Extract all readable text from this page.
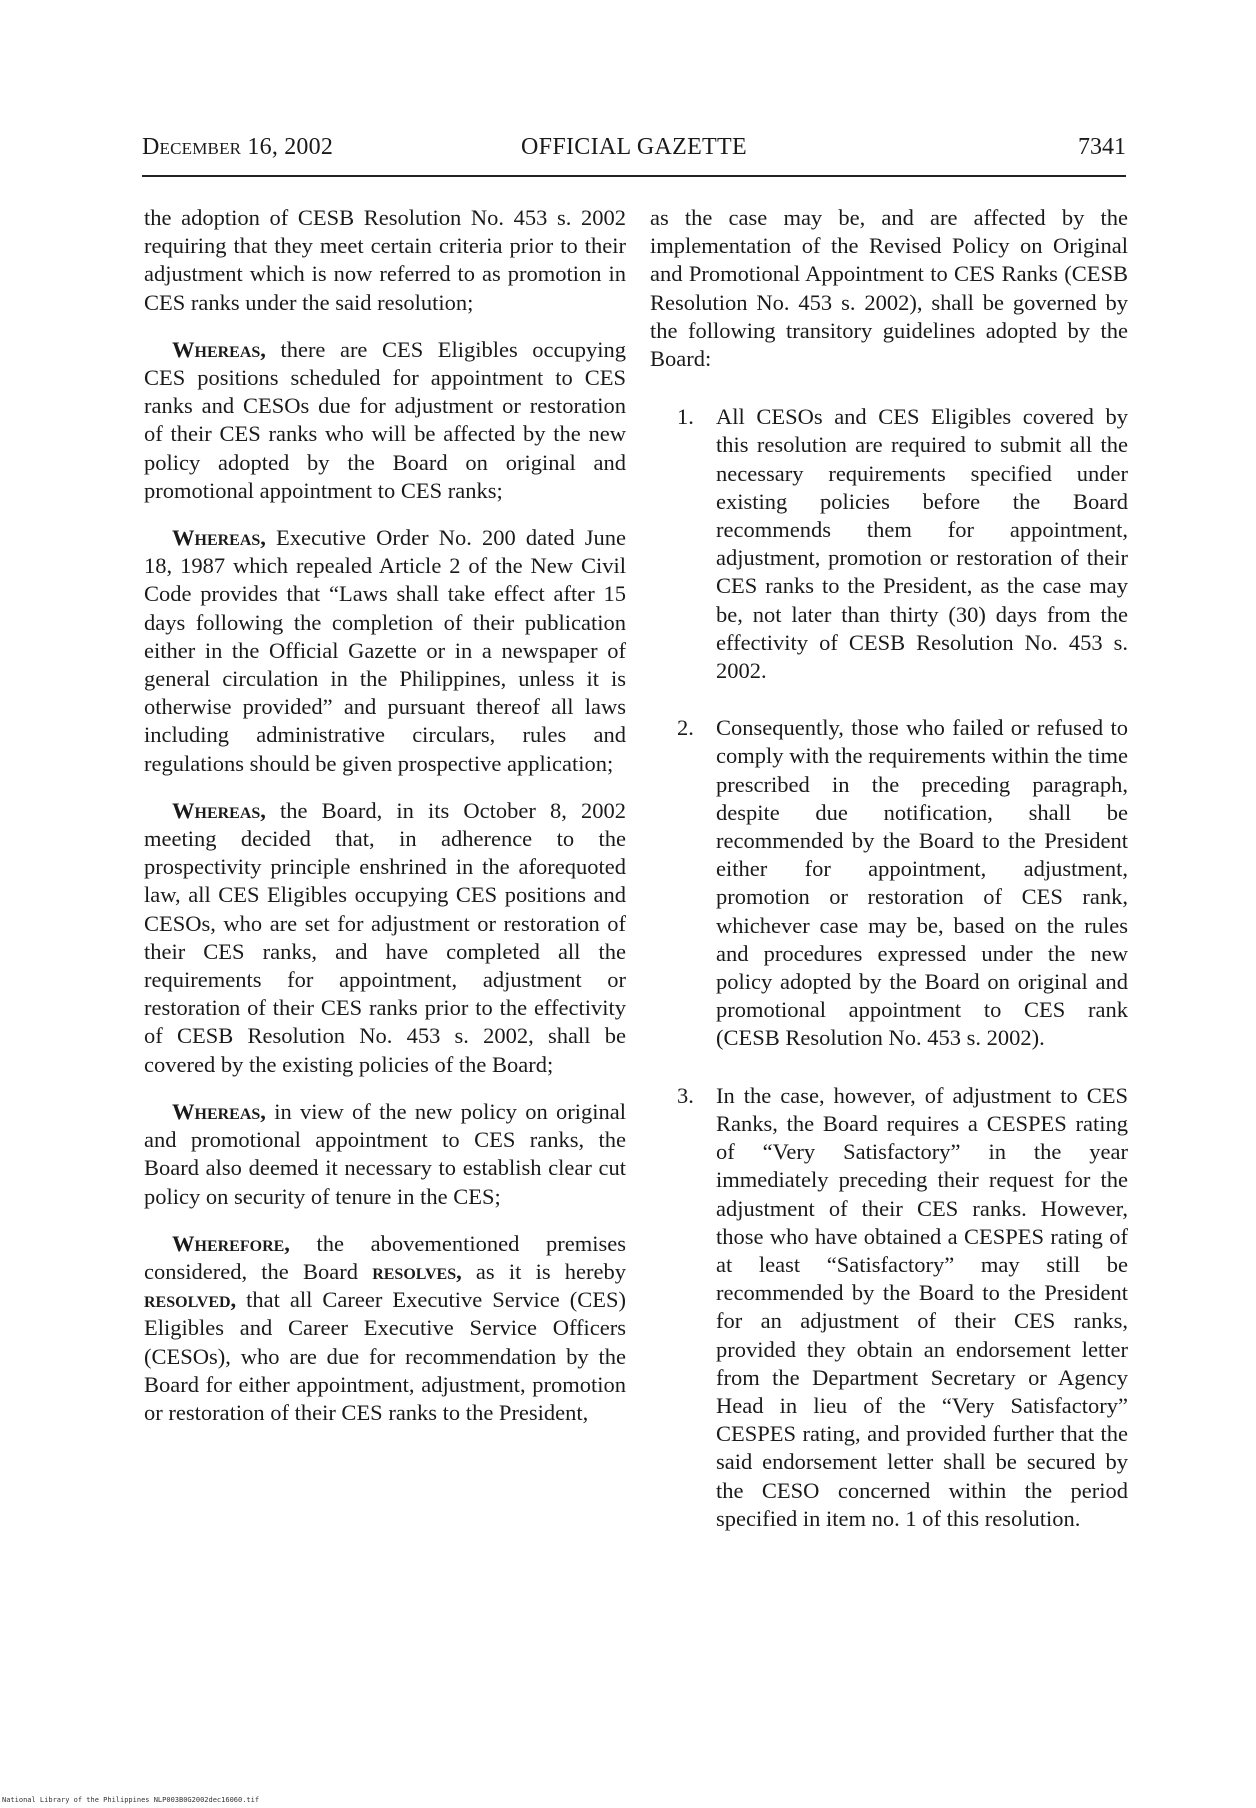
December 16, 2002	OFFICIAL GAZETTE	7341

the adoption of CESB Resolution No. 453 s. 2002 requiring that they meet certain criteria prior to their adjustment which is now referred to as promotion in CES ranks under the said resolution;

Whereas, there are CES Eligibles occupying CES positions scheduled for appointment to CES ranks and CESOs due for adjustment or restoration of their CES ranks who will be affected by the new policy adopted by the Board on original and promotional appointment to CES ranks;

Whereas, Executive Order No. 200 dated June 18, 1987 which repealed Article 2 of the New Civil Code provides that “Laws shall take effect after 15 days following the completion of their publication either in the Official Gazette or in a newspaper of general circulation in the Philippines, unless it is otherwise provided” and pursuant thereof all laws including administrative circulars, rules and regulations should be given prospective application;

Whereas, the Board, in its October 8, 2002 meeting decided that, in adherence to the prospectivity principle enshrined in the aforequoted law, all CES Eligibles occupying CES positions and CESOs, who are set for adjustment or restoration of their CES ranks, and have completed all the requirements for appointment, adjustment or restoration of their CES ranks prior to the effectivity of CESB Resolution No. 453 s. 2002, shall be covered by the existing policies of the Board;

Whereas, in view of the new policy on original and promotional appointment to CES ranks, the Board also deemed it necessary to establish clear cut policy on security of tenure in the CES;

Wherefore, the abovementioned premises considered, the Board resolves, as it is hereby resolved, that all Career Executive Service (CES) Eligibles and Career Executive Service Officers (CESOs), who are due for recommendation by the Board for either appointment, adjustment, promotion or restoration of their CES ranks to the President,

as the case may be, and are affected by the implementation of the Revised Policy on Original and Promotional Appointment to CES Ranks (CESB Resolution No. 453 s. 2002), shall be governed by the following transitory guidelines adopted by the Board:

1. All CESOs and CES Eligibles covered by this resolution are required to submit all the necessary requirements specified under existing policies before the Board recommends them for appointment, adjustment, promotion or restoration of their CES ranks to the President, as the case may be, not later than thirty (30) days from the effectivity of CESB Resolution No. 453 s. 2002.
2. Consequently, those who failed or refused to comply with the requirements within the time prescribed in the preceding paragraph, despite due notification, shall be recommended by the Board to the President either for appointment, adjustment, promotion or restoration of CES rank, whichever case may be, based on the rules and procedures expressed under the new policy adopted by the Board on original and promotional appointment to CES rank (CESB Resolution No. 453 s. 2002).
3. In the case, however, of adjustment to CES Ranks, the Board requires a CESPES rating of “Very Satisfactory” in the year immediately preceding their request for the adjustment of their CES ranks. However, those who have obtained a CESPES rating of at least “Satisfactory” may still be recommended by the Board to the President for an adjustment of their CES ranks, provided they obtain an endorsement letter from the Department Secretary or Agency Head in lieu of the “Very Satisfactory” CESPES rating, and provided further that the said endorsement letter shall be secured by the CESO concerned within the period specified in item no. 1 of this resolution.
National Library of the Philippines NLP003B0G2002dec16060.tif
